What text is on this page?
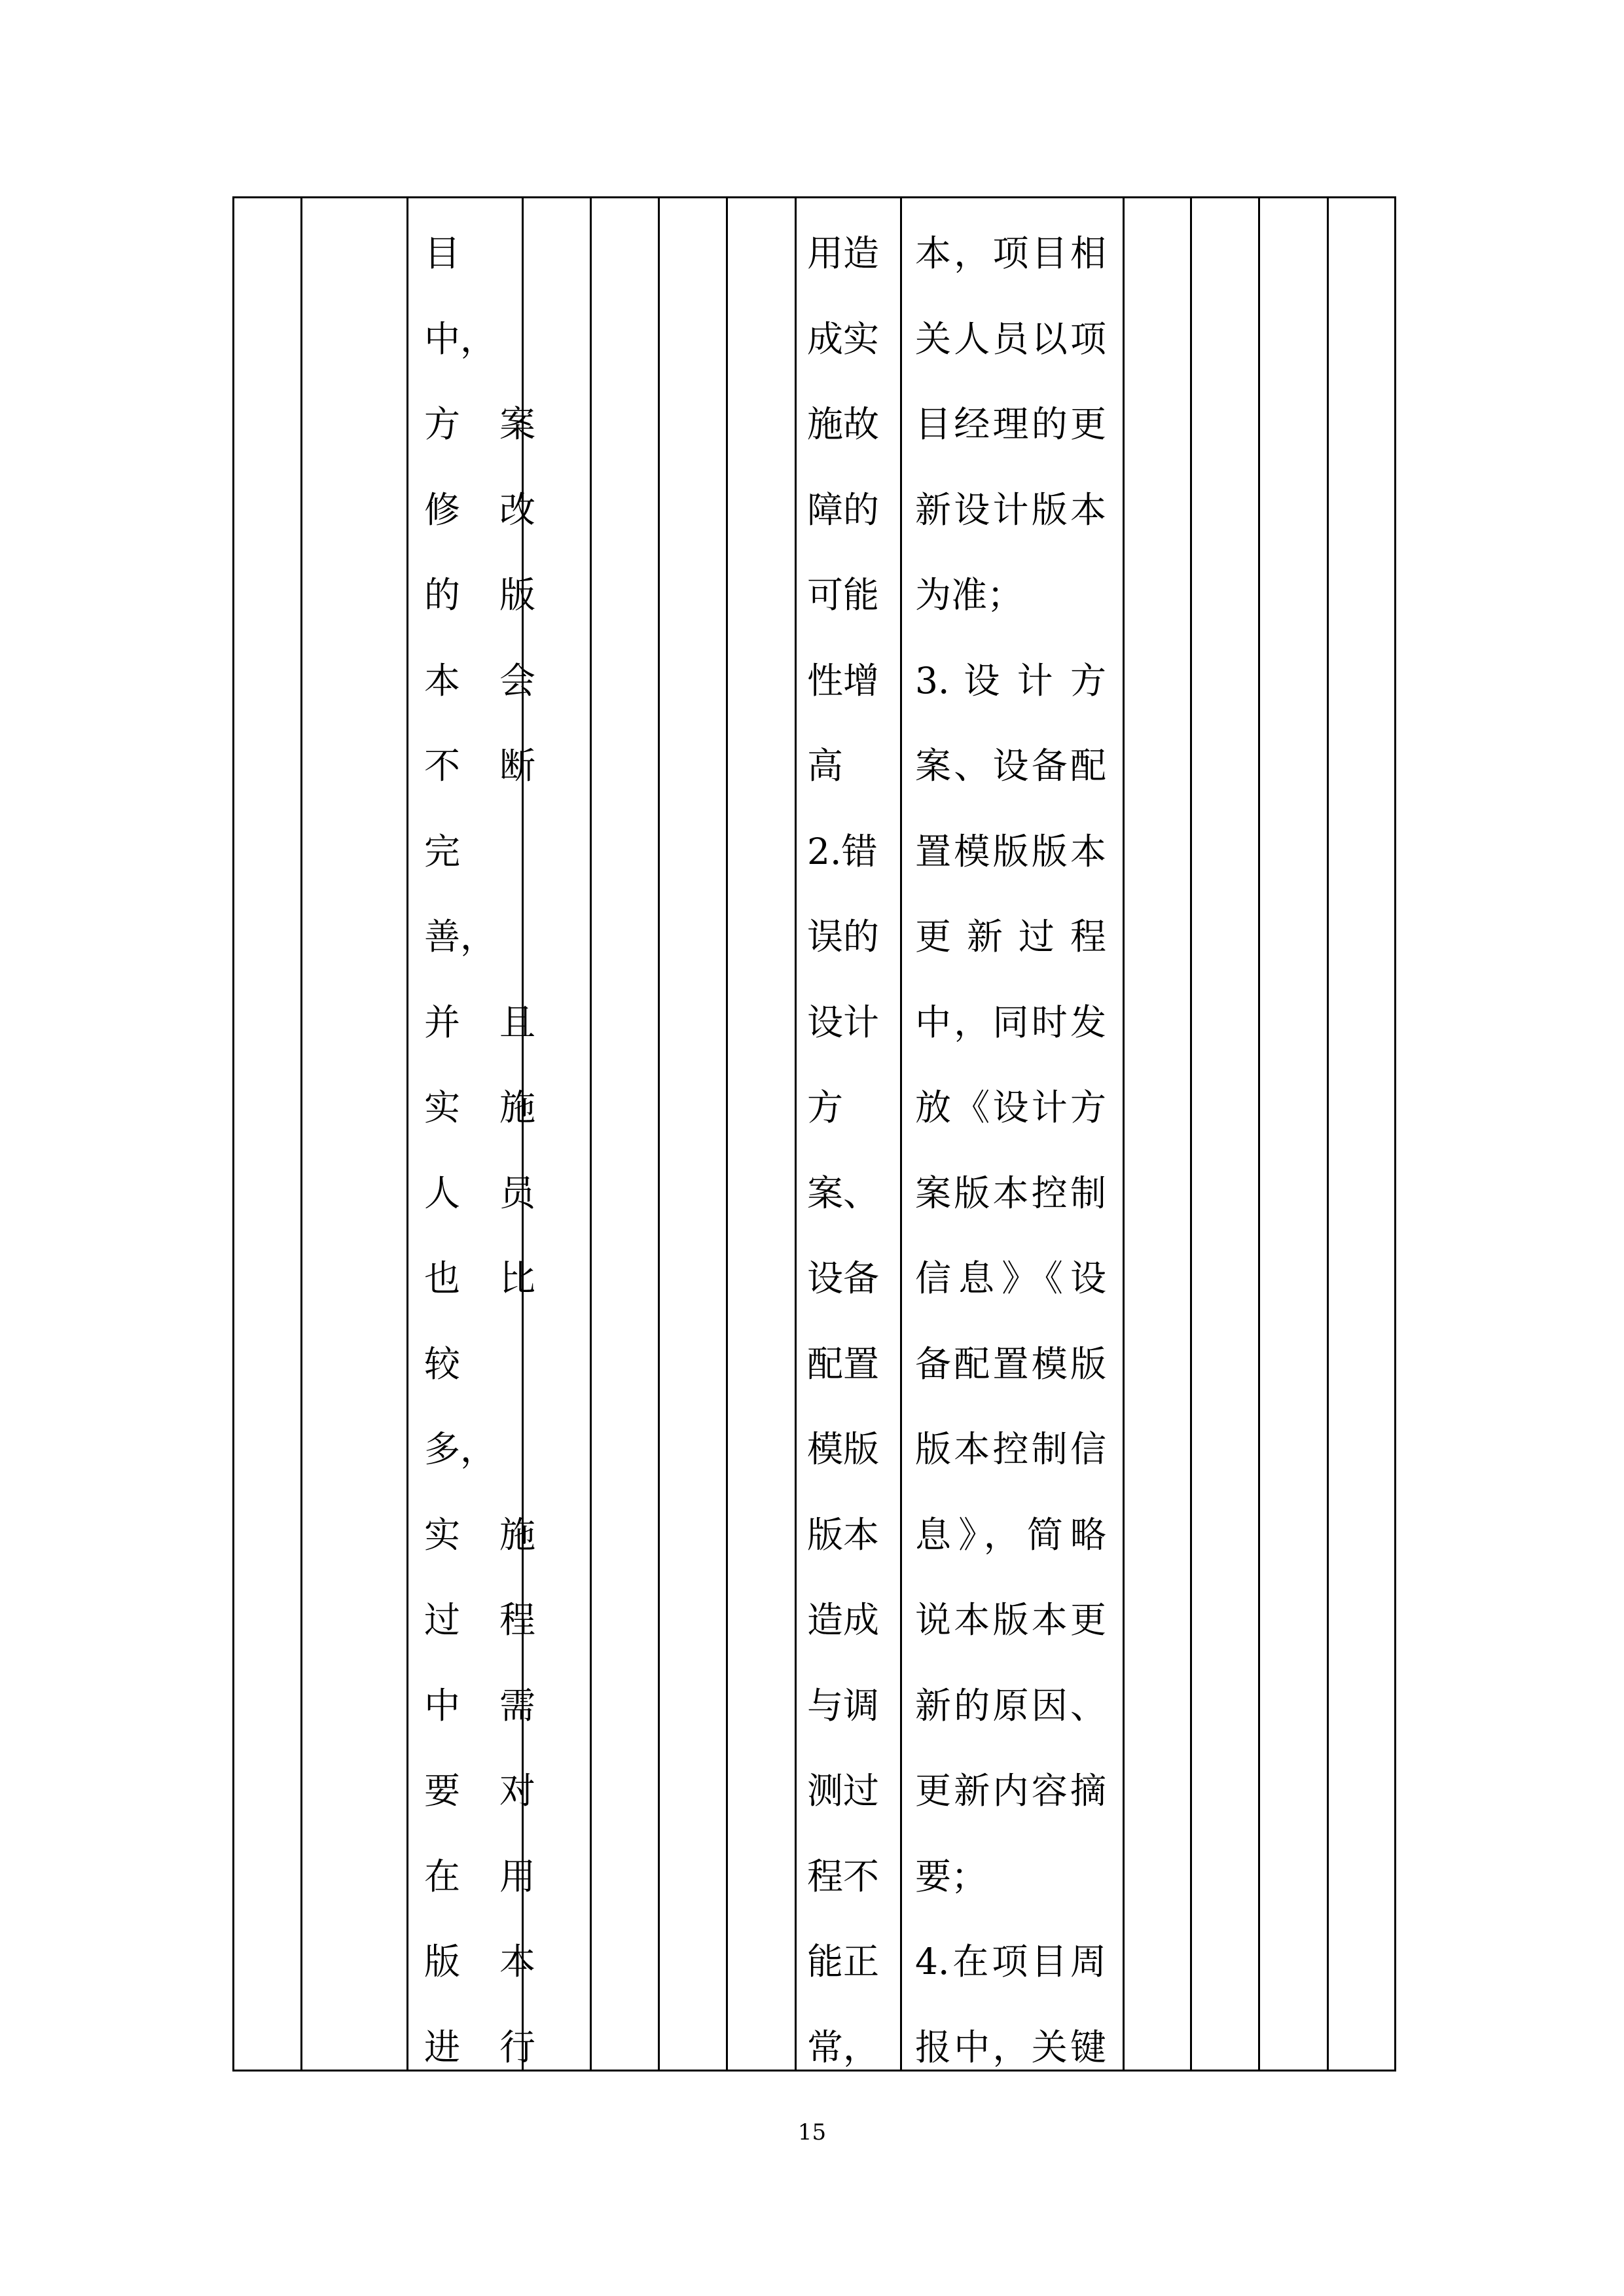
目
中，
方案
修改
的版
本会
不断
完
善，
并且
实施
人员
也比
较
多，
实施
过程
中需
要对
在用
版本
进行
用造
成实
施故
障的
可能
性增
高
2.错
误的
设计
方
案、
设备
配置
模版
版本
造成
与调
测过
程不
能正
常，
本，项目相
关人员以项
目经理的更
新设计版本
为准；
3. 设 计 方
案、设备配
置模版版本
更 新 过 程
中，同时发
放《设计方
案版本控制
信息》《设
备配置模版
版本控制信
息》，简略
说本版本更
新的原因、
更新内容摘
要；
4.在项目周
报中，关键
15
